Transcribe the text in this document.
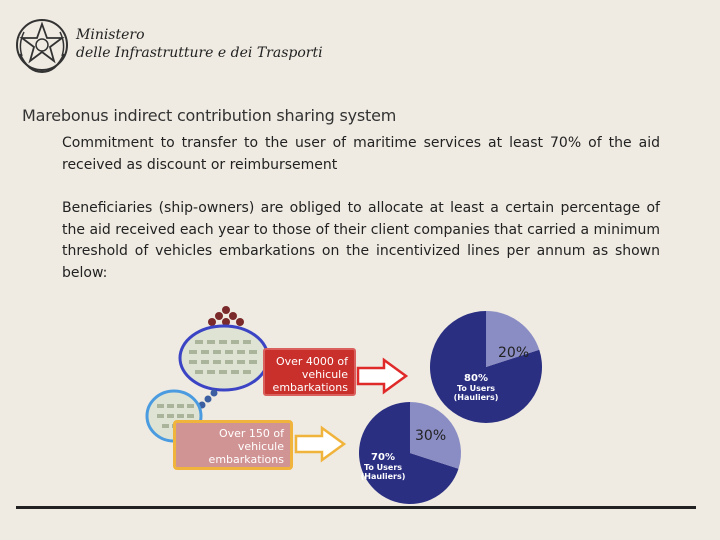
Ministero
delle Infrastrutture e dei Trasporti
Marebonus indirect contribution sharing system
Commitment to transfer to the user of maritime services at least 70% of the aid received as discount or reimbursement
Beneficiaries (ship-owners) are obliged to allocate at least a certain percentage of the aid received each year to those of their client companies that carried a minimum threshold of vehicles embarkations on the incentivized lines per annum as shown below:
Over 4000 of
vehicule
embarkations
Over 150 of
vehicule
embarkations
20%
80%
To Users
(Hauliers)
30%
70%
To Users
(Hauliers)
